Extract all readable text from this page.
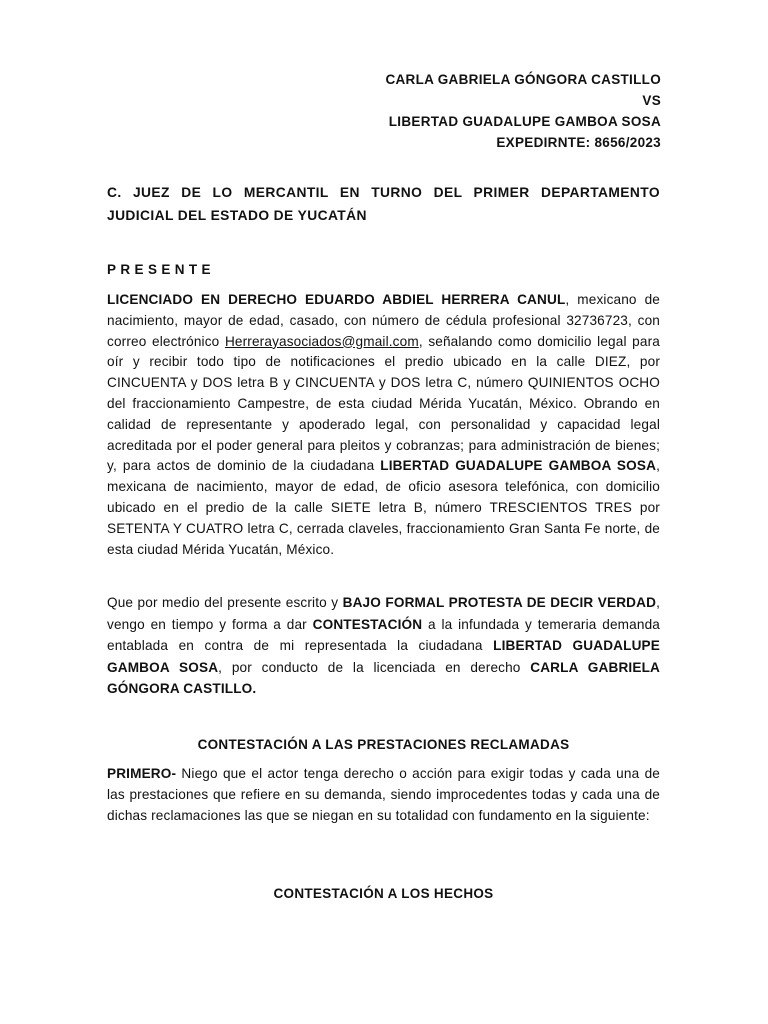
CARLA GABRIELA GÓNGORA CASTILLO
VS
LIBERTAD GUADALUPE GAMBOA SOSA
EXPEDIRNTE: 8656/2023
C. JUEZ DE LO MERCANTIL EN TURNO DEL PRIMER DEPARTAMENTO
JUDICIAL DEL ESTADO DE YUCATÁN
PRESENTE
LICENCIADO EN DERECHO EDUARDO ABDIEL HERRERA CANUL, mexicano de nacimiento, mayor de edad, casado, con número de cédula profesional 32736723, con correo electrónico Herrerayasociados@gmail.com, señalando como domicilio legal para oír y recibir todo tipo de notificaciones el predio ubicado en la calle DIEZ, por CINCUENTA y DOS letra B y CINCUENTA y DOS letra C, número QUINIENTOS OCHO del fraccionamiento Campestre, de esta ciudad Mérida Yucatán, México. Obrando en calidad de representante y apoderado legal, con personalidad y capacidad legal acreditada por el poder general para pleitos y cobranzas; para administración de bienes; y, para actos de dominio de la ciudadana LIBERTAD GUADALUPE GAMBOA SOSA, mexicana de nacimiento, mayor de edad, de oficio asesora telefónica, con domicilio ubicado en el predio de la calle SIETE letra B, número TRESCIENTOS TRES por SETENTA Y CUATRO letra C, cerrada claveles, fraccionamiento Gran Santa Fe norte, de esta ciudad Mérida Yucatán, México.
Que por medio del presente escrito y BAJO FORMAL PROTESTA DE DECIR VERDAD, vengo en tiempo y forma a dar CONTESTACIÓN a la infundada y temeraria demanda entablada en contra de mi representada la ciudadana LIBERTAD GUADALUPE GAMBOA SOSA, por conducto de la licenciada en derecho CARLA GABRIELA GÓNGORA CASTILLO.
CONTESTACIÓN A LAS PRESTACIONES RECLAMADAS
PRIMERO- Niego que el actor tenga derecho o acción para exigir todas y cada una de las prestaciones que refiere en su demanda, siendo improcedentes todas y cada una de dichas reclamaciones las que se niegan en su totalidad con fundamento en la siguiente:
CONTESTACIÓN A LOS HECHOS
